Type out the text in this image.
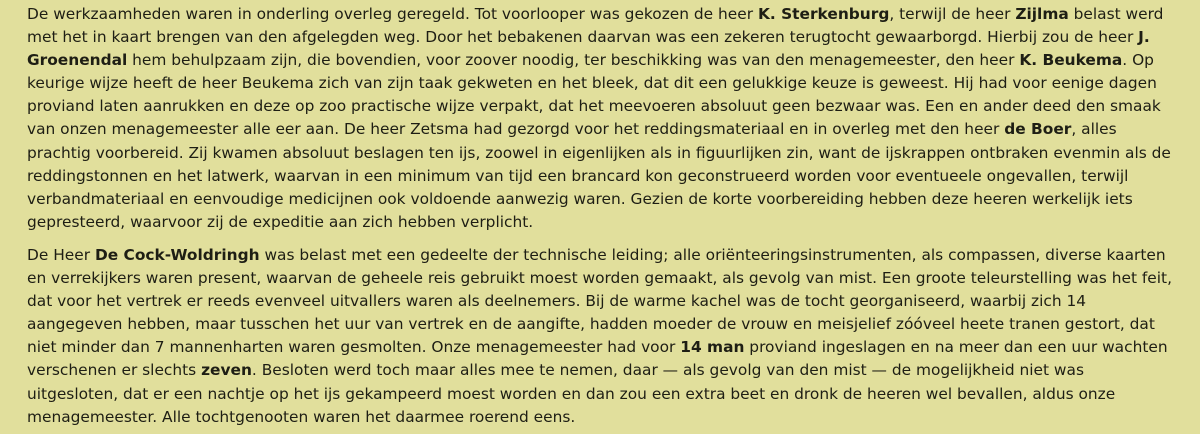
De werkzaamheden waren in onderling overleg geregeld. Tot voorlooper was gekozen de heer K. Sterkenburg, terwijl de heer Zijlma belast werd met het in kaart brengen van den afgelegden weg. Door het bebakenen daarvan was een zekeren terugtocht gewaarborgd. Hierbij zou de heer J. Groenendal hem behulpzaam zijn, die bovendien, voor zoover noodig, ter beschikking was van den menagemeester, den heer K. Beukema. Op keurige wijze heeft de heer Beukema zich van zijn taak gekweten en het bleek, dat dit een gelukkige keuze is geweest. Hij had voor eenige dagen proviand laten aanrukken en deze op zoo practische wijze verpakt, dat het meevoeren absoluut geen bezwaar was. Een en ander deed den smaak van onzen menagemeester alle eer aan. De heer Zetsma had gezorgd voor het reddingsmateriaal en in overleg met den heer de Boer, alles prachtig voorbereid. Zij kwamen absoluut beslagen ten ijs, zoowel in eigenlijken als in figuurlijken zin, want de ijskrappen ontbraken evenmin als de reddingstonnen en het latwerk, waarvan in een minimum van tijd een brancard kon geconstrueerd worden voor eventueele ongevallen, terwijl verbandmateriaal en eenvoudige medicijnen ook voldoende aanwezig waren. Gezien de korte voorbereiding hebben deze heeren werkelijk iets gepresteerd, waarvoor zij de expeditie aan zich hebben verplicht.

De Heer De Cock-Woldringh was belast met een gedeelte der technische leiding; alle oriënteeringsinstrumenten, als compassen, diverse kaarten en verrekijkers waren present, waarvan de geheele reis gebruikt moest worden gemaakt, als gevolg van mist. Een groote teleurstelling was het feit, dat voor het vertrek er reeds evenveel uitvallers waren als deelnemers. Bij de warme kachel was de tocht georganiseerd, waarbij zich 14 aangegeven hebben, maar tusschen het uur van vertrek en de aangifte, hadden moeder de vrouw en meisjelief zóóveel heete tranen gestort, dat niet minder dan 7 mannenharten waren gesmolten. Onze menagemeester had voor 14 man proviand ingeslagen en na meer dan een uur wachten verschenen er slechts zeven. Besloten werd toch maar alles mee te nemen, daar — als gevolg van den mist — de mogelijkheid niet was uitgesloten, dat er een nachtje op het ijs gekampeerd moest worden en dan zou een extra beet en dronk de heeren wel bevallen, aldus onze menagemeester. Alle tochtgenooten waren het daarmee roerend eens.
